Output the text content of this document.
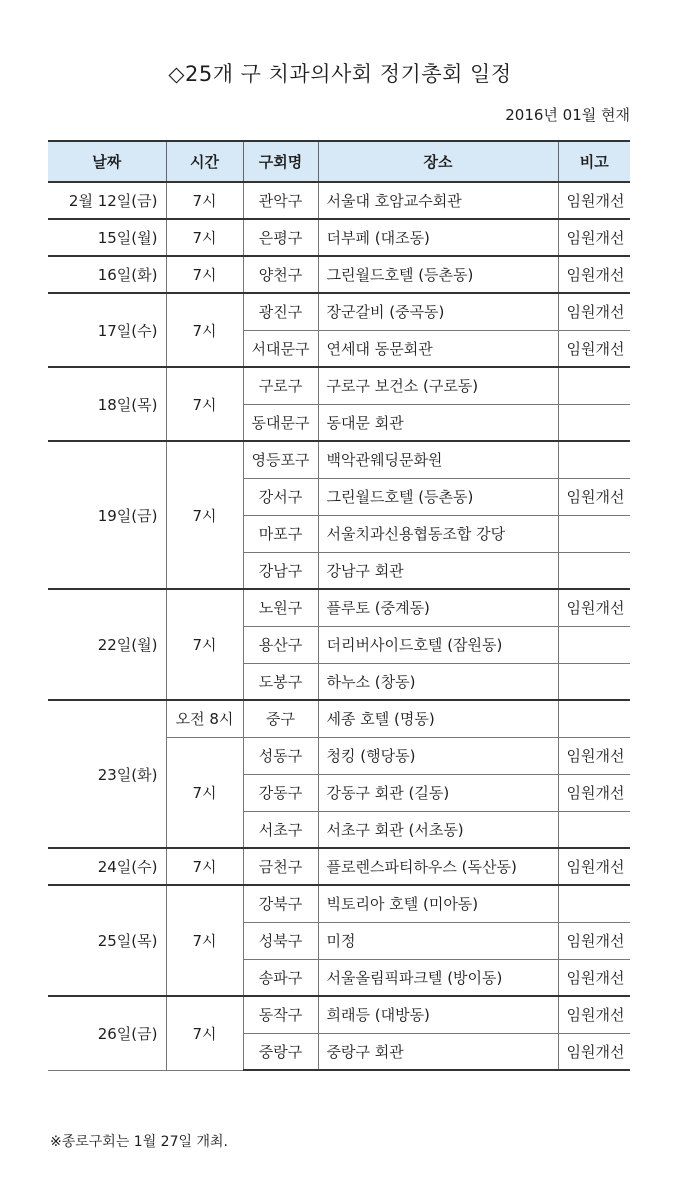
◇25개 구 치과의사회 정기총회 일정
2016년 01월 현재
날짜	시간	구회명	장소	비고
2월 12일(금)	7시	관악구	서울대 호암교수회관	임원개선
15일(월)	7시	은평구	더부페 (대조동)	임원개선
16일(화)	7시	양천구	그린월드호텔 (등촌동)	임원개선
17일(수)	7시	광진구	장군갈비 (중곡동)	임원개선
		서대문구	연세대 동문회관	임원개선
18일(목)	7시	구로구	구로구 보건소 (구로동)	
		동대문구	동대문 회관	
19일(금)	7시	영등포구	백악관웨딩문화원	
		강서구	그린월드호텔 (등촌동)	임원개선
		마포구	서울치과신용협동조합 강당	
		강남구	강남구 회관	
22일(월)	7시	노원구	플루토 (중계동)	임원개선
		용산구	더리버사이드호텔 (잠원동)	
		도봉구	하누소 (창동)	
23일(화)	오전 8시	중구	세종 호텔 (명동)	
	7시	성동구	청킹 (행당동)	임원개선
		강동구	강동구 회관 (길동)	임원개선
		서초구	서초구 회관 (서초동)	
24일(수)	7시	금천구	플로렌스파티하우스 (독산동)	임원개선
25일(목)	7시	강북구	빅토리아 호텔 (미아동)	
		성북구	미정	임원개선
		송파구	서울올림픽파크텔 (방이동)	임원개선
26일(금)	7시	동작구	희래등 (대방동)	임원개선
		중랑구	중랑구 회관	임원개선
※종로구회는 1월 27일 개최.
